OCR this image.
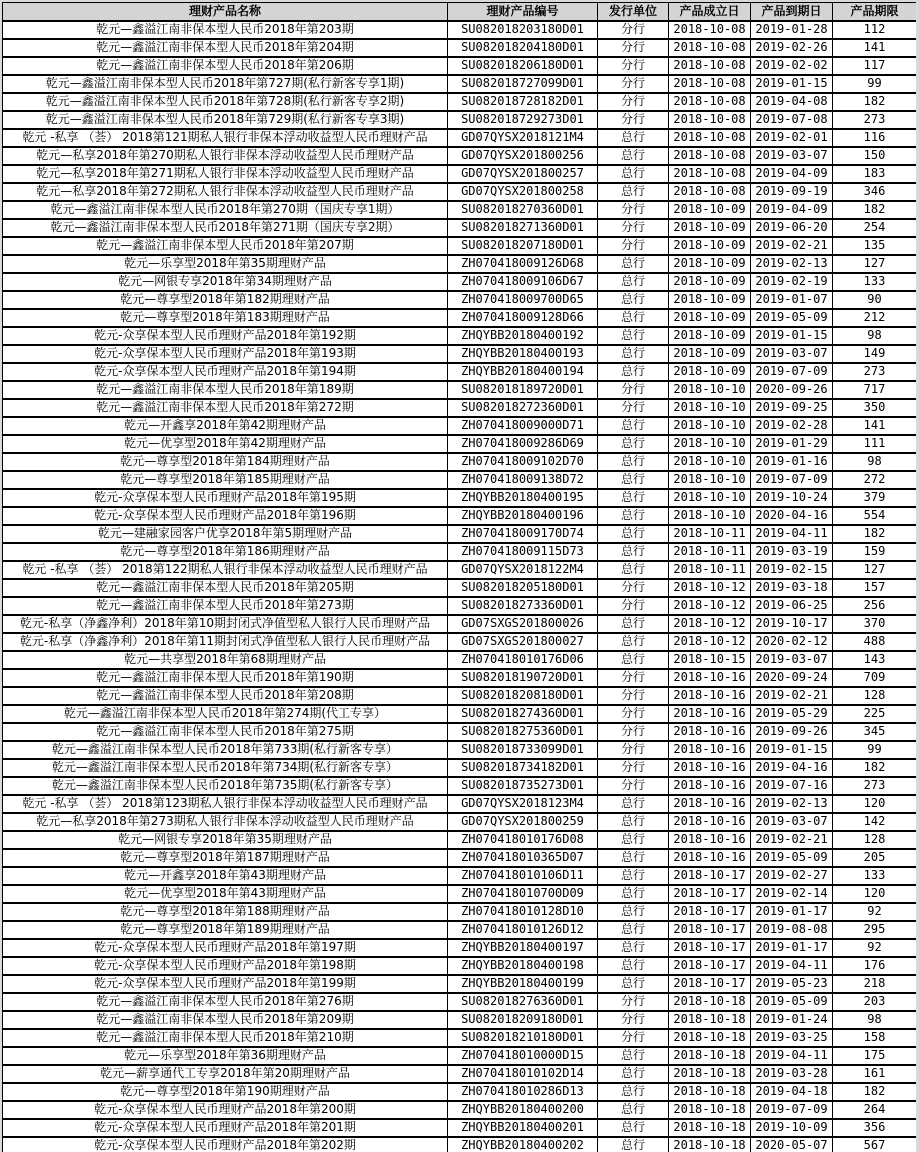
理财产品名称	理财产品编号	发行单位	产品成立日	产品到期日	产品期限
乾元—鑫溢江南非保本型人民币2018年第203期	SU082018203180D01	分行	2018-10-08	2019-01-28	112
乾元—鑫溢江南非保本型人民币2018年第204期	SU082018204180D01	分行	2018-10-08	2019-02-26	141
乾元—鑫溢江南非保本型人民币2018年第206期	SU082018206180D01	分行	2018-10-08	2019-02-02	117
乾元—鑫溢江南非保本型人民币2018年第727期(私行新客专享1期)	SU082018727099D01	分行	2018-10-08	2019-01-15	99
乾元—鑫溢江南非保本型人民币2018年第728期(私行新客专享2期)	SU082018728182D01	分行	2018-10-08	2019-04-08	182
乾元—鑫溢江南非保本型人民币2018年第729期(私行新客专享3期)	SU082018729273D01	分行	2018-10-08	2019-07-08	273
乾元 -私享 （荟） 2018第121期私人银行非保本浮动收益型人民币理财产品	GD07QYSX2018121M4	总行	2018-10-08	2019-02-01	116
乾元—私享2018年第270期私人银行非保本浮动收益型人民币理财产品	GD07QYSX201800256	总行	2018-10-08	2019-03-07	150
乾元—私享2018年第271期私人银行非保本浮动收益型人民币理财产品	GD07QYSX201800257	总行	2018-10-08	2019-04-09	183
乾元—私享2018年第272期私人银行非保本浮动收益型人民币理财产品	GD07QYSX201800258	总行	2018-10-08	2019-09-19	346
乾元—鑫溢江南非保本型人民币2018年第270期（国庆专享1期）	SU082018270360D01	分行	2018-10-09	2019-04-09	182
乾元—鑫溢江南非保本型人民币2018年第271期（国庆专享2期）	SU082018271360D01	分行	2018-10-09	2019-06-20	254
乾元—鑫溢江南非保本型人民币2018年第207期	SU082018207180D01	分行	2018-10-09	2019-02-21	135
乾元—乐享型2018年第35期理财产品	ZH070418009126D68	总行	2018-10-09	2019-02-13	127
乾元—网银专享2018年第34期理财产品	ZH070418009106D67	总行	2018-10-09	2019-02-19	133
乾元—尊享型2018年第182期理财产品	ZH070418009700D65	总行	2018-10-09	2019-01-07	90
乾元—尊享型2018年第183期理财产品	ZH070418009128D66	总行	2018-10-09	2019-05-09	212
乾元-众享保本型人民币理财产品2018年第192期	ZHQYBB20180400192	总行	2018-10-09	2019-01-15	98
乾元-众享保本型人民币理财产品2018年第193期	ZHQYBB20180400193	总行	2018-10-09	2019-03-07	149
乾元-众享保本型人民币理财产品2018年第194期	ZHQYBB20180400194	总行	2018-10-09	2019-07-09	273
乾元—鑫溢江南非保本型人民币2018年第189期	SU082018189720D01	分行	2018-10-10	2020-09-26	717
乾元—鑫溢江南非保本型人民币2018年第272期	SU082018272360D01	分行	2018-10-10	2019-09-25	350
乾元—开鑫享2018年第42期理财产品	ZH070418009000D71	总行	2018-10-10	2019-02-28	141
乾元—优享型2018年第42期理财产品	ZH070418009286D69	总行	2018-10-10	2019-01-29	111
乾元—尊享型2018年第184期理财产品	ZH070418009102D70	总行	2018-10-10	2019-01-16	98
乾元—尊享型2018年第185期理财产品	ZH070418009138D72	总行	2018-10-10	2019-07-09	272
乾元-众享保本型人民币理财产品2018年第195期	ZHQYBB20180400195	总行	2018-10-10	2019-10-24	379
乾元-众享保本型人民币理财产品2018年第196期	ZHQYBB20180400196	总行	2018-10-10	2020-04-16	554
乾元—建融家园客户优享2018年第5期理财产品	ZH070418009170D74	总行	2018-10-11	2019-04-11	182
乾元—尊享型2018年第186期理财产品	ZH070418009115D73	总行	2018-10-11	2019-03-19	159
乾元 -私享 （荟） 2018第122期私人银行非保本浮动收益型人民币理财产品	GD07QYSX2018122M4	总行	2018-10-11	2019-02-15	127
乾元—鑫溢江南非保本型人民币2018年第205期	SU082018205180D01	分行	2018-10-12	2019-03-18	157
乾元—鑫溢江南非保本型人民币2018年第273期	SU082018273360D01	分行	2018-10-12	2019-06-25	256
乾元-私享（净鑫净利）2018年第10期封闭式净值型私人银行人民币理财产品	GD07SXGS201800026	总行	2018-10-12	2019-10-17	370
乾元-私享（净鑫净利）2018年第11期封闭式净值型私人银行人民币理财产品	GD07SXGS201800027	总行	2018-10-12	2020-02-12	488
乾元—共享型2018年第68期理财产品	ZH070418010176D06	总行	2018-10-15	2019-03-07	143
乾元—鑫溢江南非保本型人民币2018年第190期	SU082018190720D01	分行	2018-10-16	2020-09-24	709
乾元—鑫溢江南非保本型人民币2018年第208期	SU082018208180D01	分行	2018-10-16	2019-02-21	128
乾元—鑫溢江南非保本型人民币2018年第274期(代工专享）	SU082018274360D01	分行	2018-10-16	2019-05-29	225
乾元—鑫溢江南非保本型人民币2018年第275期	SU082018275360D01	分行	2018-10-16	2019-09-26	345
乾元—鑫溢江南非保本型人民币2018年第733期(私行新客专享）	SU082018733099D01	分行	2018-10-16	2019-01-15	99
乾元—鑫溢江南非保本型人民币2018年第734期(私行新客专享）	SU082018734182D01	分行	2018-10-16	2019-04-16	182
乾元—鑫溢江南非保本型人民币2018年第735期(私行新客专享）	SU082018735273D01	分行	2018-10-16	2019-07-16	273
乾元 -私享 （荟） 2018第123期私人银行非保本浮动收益型人民币理财产品	GD07QYSX2018123M4	总行	2018-10-16	2019-02-13	120
乾元—私享2018年第273期私人银行非保本浮动收益型人民币理财产品	GD07QYSX201800259	总行	2018-10-16	2019-03-07	142
乾元—网银专享2018年第35期理财产品	ZH070418010176D08	总行	2018-10-16	2019-02-21	128
乾元—尊享型2018年第187期理财产品	ZH070418010365D07	总行	2018-10-16	2019-05-09	205
乾元—开鑫享2018年第43期理财产品	ZH070418010106D11	总行	2018-10-17	2019-02-27	133
乾元—优享型2018年第43期理财产品	ZH070418010700D09	总行	2018-10-17	2019-02-14	120
乾元—尊享型2018年第188期理财产品	ZH070418010128D10	总行	2018-10-17	2019-01-17	92
乾元—尊享型2018年第189期理财产品	ZH070418010126D12	总行	2018-10-17	2019-08-08	295
乾元-众享保本型人民币理财产品2018年第197期	ZHQYBB20180400197	总行	2018-10-17	2019-01-17	92
乾元-众享保本型人民币理财产品2018年第198期	ZHQYBB20180400198	总行	2018-10-17	2019-04-11	176
乾元-众享保本型人民币理财产品2018年第199期	ZHQYBB20180400199	总行	2018-10-17	2019-05-23	218
乾元—鑫溢江南非保本型人民币2018年第276期	SU082018276360D01	分行	2018-10-18	2019-05-09	203
乾元—鑫溢江南非保本型人民币2018年第209期	SU082018209180D01	分行	2018-10-18	2019-01-24	98
乾元—鑫溢江南非保本型人民币2018年第210期	SU082018210180D01	分行	2018-10-18	2019-03-25	158
乾元—乐享型2018年第36期理财产品	ZH070418010000D15	总行	2018-10-18	2019-04-11	175
乾元—薪享通代工专享2018年第20期理财产品	ZH070418010102D14	总行	2018-10-18	2019-03-28	161
乾元—尊享型2018年第190期理财产品	ZH070418010286D13	总行	2018-10-18	2019-04-18	182
乾元-众享保本型人民币理财产品2018年第200期	ZHQYBB20180400200	总行	2018-10-18	2019-07-09	264
乾元-众享保本型人民币理财产品2018年第201期	ZHQYBB20180400201	总行	2018-10-18	2019-10-09	356
乾元-众享保本型人民币理财产品2018年第202期	ZHQYBB20180400202	总行	2018-10-18	2020-05-07	567
